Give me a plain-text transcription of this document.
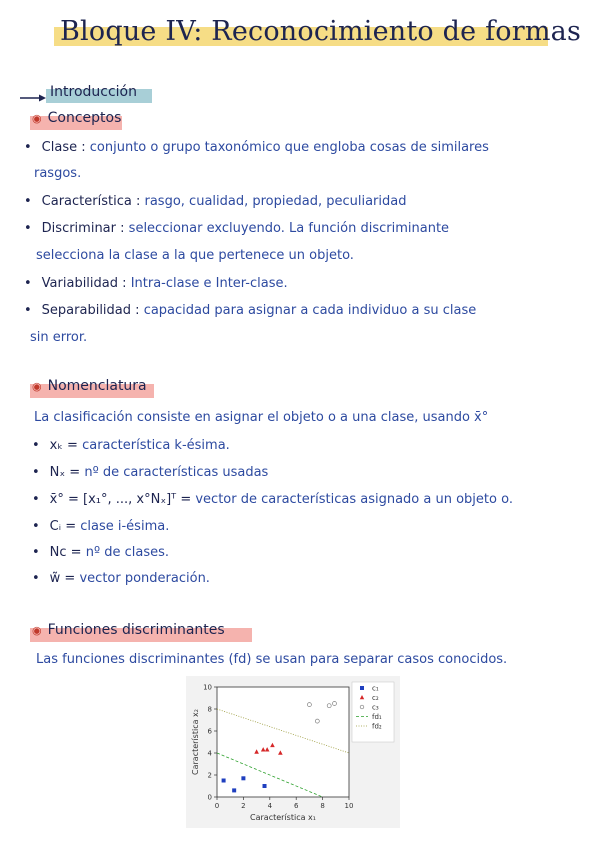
Bloque IV: Reconocimiento de formas
Introducción
◉ Conceptos
• Clase : conjunto o grupo taxonómico que engloba cosas de similares
rasgos.
• Característica : rasgo, cualidad, propiedad, peculiaridad
• Discriminar : seleccionar excluyendo. La función discriminante
selecciona la clase a la que pertenece un objeto.
• Variabilidad : Intra-clase e Inter-clase.
• Separabilidad : capacidad para asignar a cada individuo a su clase
sin error.
◉ Nomenclatura
La clasificación consiste en asignar el objeto o a una clase, usando x̄°
• xₖ = característica k-ésima.
• Nₓ = nº de características usadas
• x̄° = [x₁°, ..., x°Nₓ]ᵀ = vector de características asignado a un objeto o.
• Cᵢ = clase i-ésima.
• Nc = nº de clases.
• w̃ = vector ponderación.
◉ Funciones discriminantes
Las funciones discriminantes (fd) se usan para separar casos conocidos.
0	2	4	6	8	10
0
2
4
6
8
10
Característica x₁
Característica x₂
c₁
c₂
c₃
fd₁
fd₂
